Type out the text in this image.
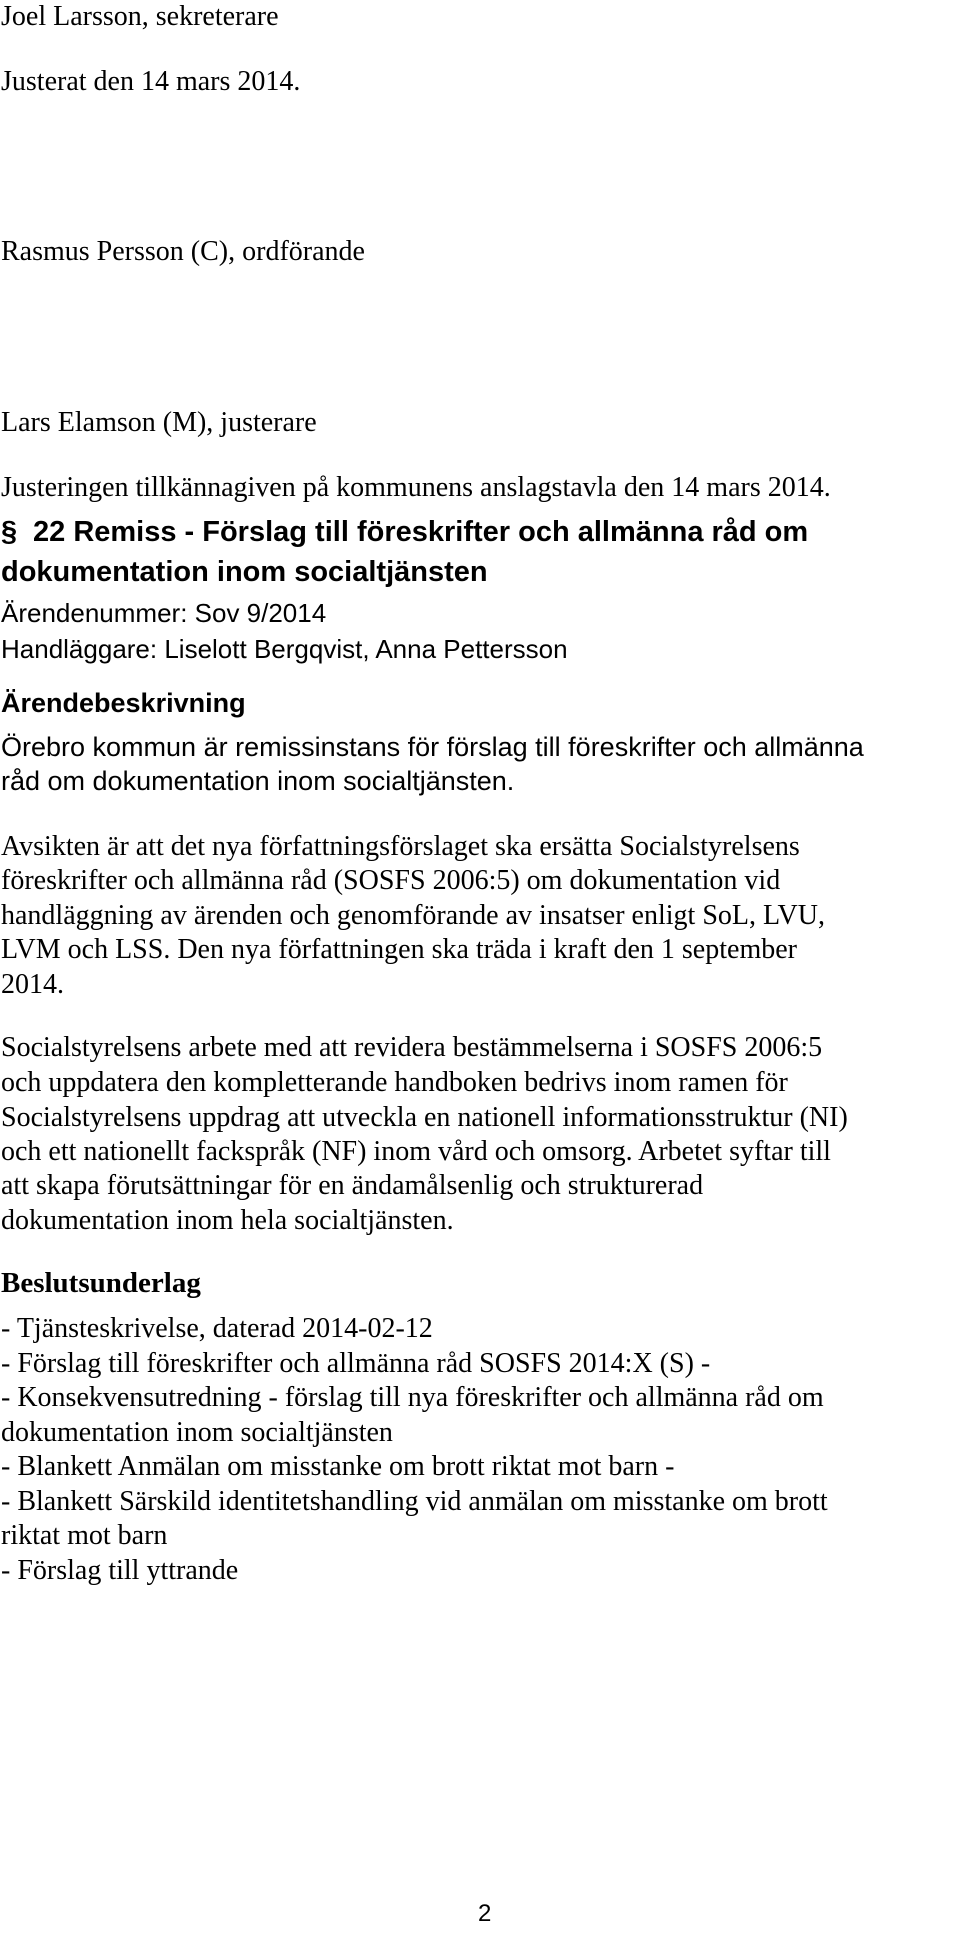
Joel Larsson, sekreterare

Justerat den 14 mars 2014.

Rasmus Persson (C), ordförande

Lars Elamson (M), justerare

Justeringen tillkännagiven på kommunens anslagstavla den 14 mars 2014.

§ 22 Remiss - Förslag till föreskrifter och allmänna råd om
dokumentation inom socialtjänsten

Ärendenummer: Sov 9/2014

Handläggare: Liselott Bergqvist, Anna Pettersson

Ärendebeskrivning

Örebro kommun är remissinstans för förslag till föreskrifter och allmänna

råd om dokumentation inom socialtjänsten.

Avsikten är att det nya författningsförslaget ska ersätta Socialstyrelsens

föreskrifter och allmänna råd (SOSFS 2006:5) om dokumentation vid

handläggning av ärenden och genomförande av insatser enligt SoL, LVU,

LVM och LSS. Den nya författningen ska träda i kraft den 1 september

2014.

Socialstyrelsens arbete med att revidera bestämmelserna i SOSFS 2006:5

och uppdatera den kompletterande handboken bedrivs inom ramen för

Socialstyrelsens uppdrag att utveckla en nationell informationsstruktur (NI)

och ett nationellt fackspråk (NF) inom vård och omsorg. Arbetet syftar till

att skapa förutsättningar för en ändamålsenlig och strukturerad

dokumentation inom hela socialtjänsten.

Beslutsunderlag

- Tjänsteskrivelse, daterad 2014-02-12

- Förslag till föreskrifter och allmänna råd SOSFS 2014:X (S) -

- Konsekvensutredning - förslag till nya föreskrifter och allmänna råd om

dokumentation inom socialtjänsten

- Blankett Anmälan om misstanke om brott riktat mot barn -

- Blankett Särskild identitetshandling vid anmälan om misstanke om brott

riktat mot barn

- Förslag till yttrande

2
